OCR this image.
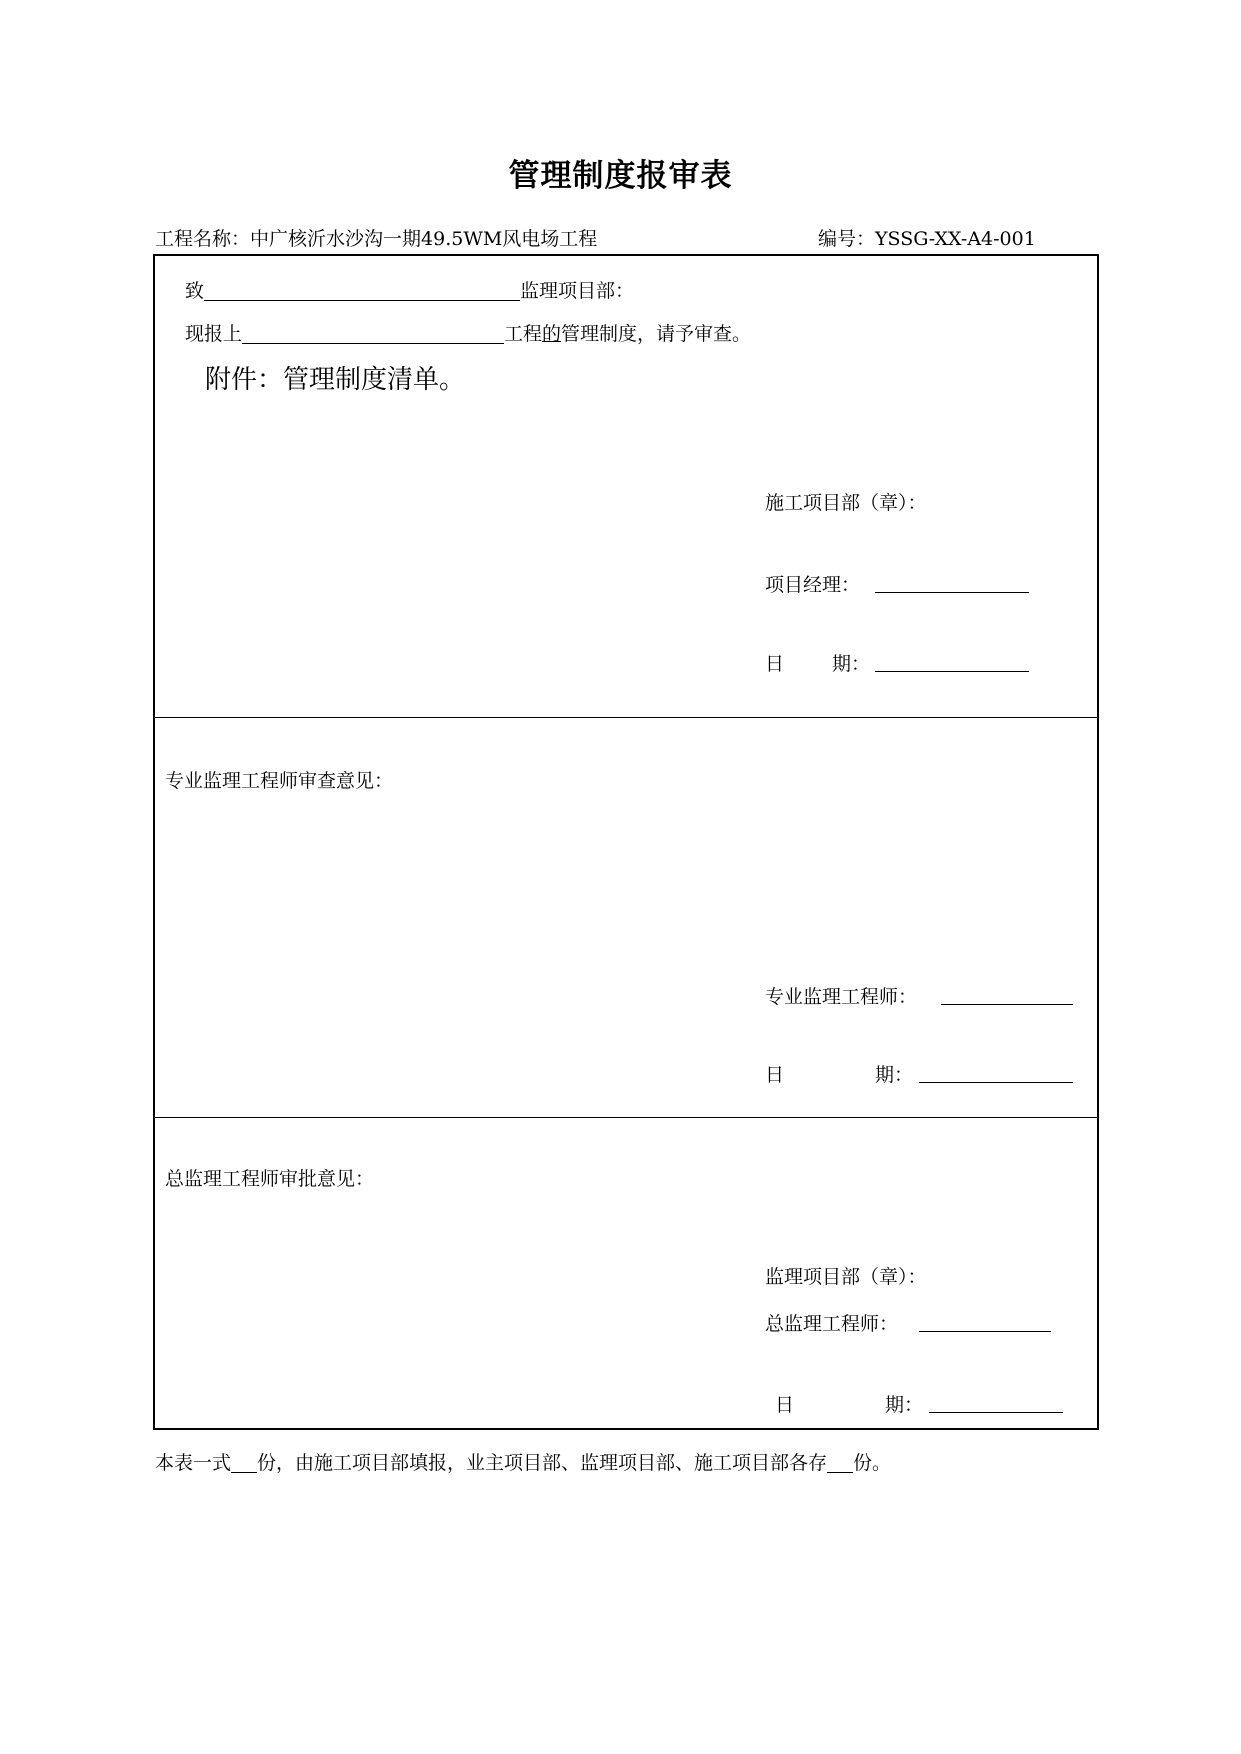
管理制度报审表
工程名称：中广核沂水沙沟一期49.5WM风电场工程	编号：YSSG-XX-A4-001
致	监理项目部：
现报上	工程的管理制度，请予审查。
附件：管理制度清单。
施工项目部（章）：
项目经理：
日	期：
专业监理工程师审查意见：
专业监理工程师：
日	期：
总监理工程师审批意见：
监理项目部（章）：
总监理工程师：
日	期：
本表一式 份，由施工项目部填报，业主项目部、监理项目部、施工项目部各存 份。
